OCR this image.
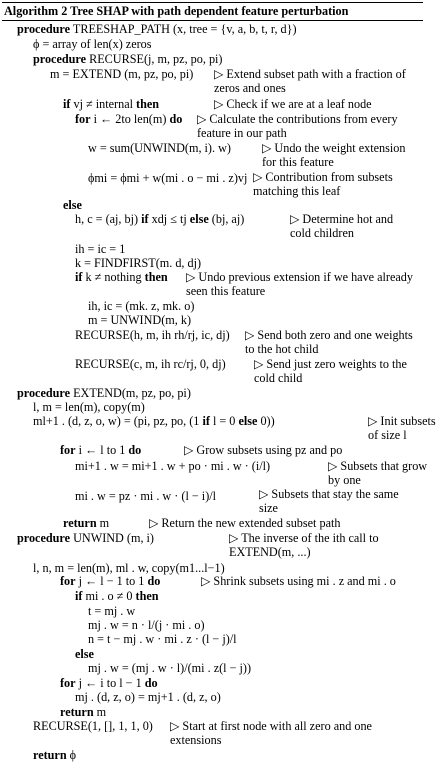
Algorithm 2 Tree SHAP with path dependent feature perturbation
procedure TREESHAP_PATH (x, tree = {v, a, b, t, r, d})
ϕ = array of len(x) zeros
procedure RECURSE(j, m, pz, po, pi)
m = EXTEND (m, pz, po, pi)
if vj ≠ internal then
for i ← 2to len(m) do
w = sum(UNWIND(m, i). w)
ϕmi = ϕmi + w(mi . o − mi . z)vj
else
h, c = (aj, bj) if xdj ≤ tj else (bj, aj)
ih = ic = 1
k = FINDFIRST(m. d, dj)
if k ≠ nothing then
ih, ic = (mk. z, mk. o)
m = UNWIND(m, k)
RECURSE(h, m, ih rh/rj, ic, dj)
RECURSE(c, m, ih rc/rj, 0, dj)
procedure EXTEND(m, pz, po, pi)
l, m = len(m), copy(m)
ml+1 . (d, z, o, w) = (pi, pz, po, (1 if l = 0 else 0))
for i ← l to 1 do
mi+1 . w = mi+1 . w + po · mi . w · (i/l)
mi . w = pz · mi . w · (l − i)/l
return m
procedure UNWIND (m, i)
l, n, m = len(m), ml . w, copy(m1...l−1)
for j ← l − 1 to 1 do
if mi . o ≠ 0 then
t = mj . w
mj . w = n · l/(j · mi . o)
n = t − mj . w · mi . z · (l − j)/l
else
mj . w = (mj . w · l)/(mi . z(l − j))
for j ← i to l − 1 do
mj . (d, z, o) = mj+1 . (d, z, o)
return m
RECURSE(1, [], 1, 1, 0)
return ϕ
▷ Extend subset path with a fraction of
zeros and ones
▷ Check if we are at a leaf node
▷ Calculate the contributions from every
feature in our path
▷ Undo the weight extension
for this feature
▷ Contribution from subsets
matching this leaf
▷ Determine hot and
cold children
▷ Undo previous extension if we have already
seen this feature
▷ Send both zero and one weights
to the hot child
▷ Send just zero weights to the
cold child
▷ Init subsets
of size l
▷ Grow subsets using pz and po
▷ Subsets that grow
by one
▷ Subsets that stay the same
size
▷ Return the new extended subset path
▷ The inverse of the ith call to
EXTEND(m, ...)
▷ Shrink subsets using mi . z and mi . o
▷ Start at first node with all zero and one
extensions
